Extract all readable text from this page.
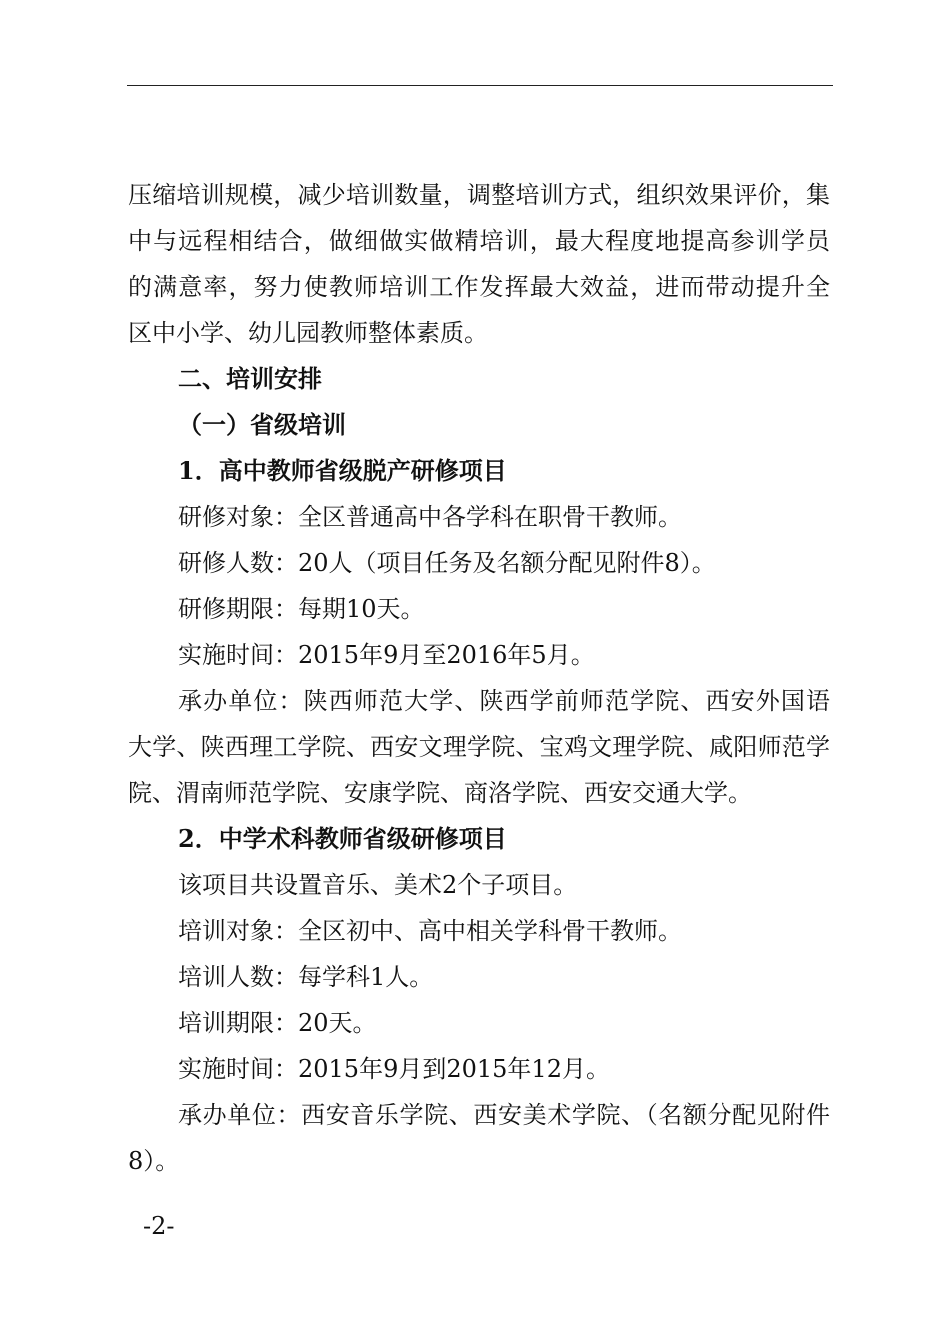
压缩培训规模，减少培训数量，调整培训方式，组织效果评价，集

中与远程相结合，做细做实做精培训，最大程度地提高参训学员

的满意率，努力使教师培训工作发挥最大效益，进而带动提升全

区中小学、幼儿园教师整体素质。

二、培训安排

（一）省级培训

1．高中教师省级脱产研修项目

研修对象：全区普通高中各学科在职骨干教师。

研修人数：20人（项目任务及名额分配见附件8）。

研修期限：每期10天。

实施时间：2015年9月至2016年5月。

承办单位：陕西师范大学、陕西学前师范学院、西安外国语

大学、陕西理工学院、西安文理学院、宝鸡文理学院、咸阳师范学

院、渭南师范学院、安康学院、商洛学院、西安交通大学。

2．中学术科教师省级研修项目

该项目共设置音乐、美术2个子项目。

培训对象：全区初中、高中相关学科骨干教师。

培训人数：每学科1人。

培训期限：20天。

实施时间：2015年9月到2015年12月。

承办单位：西安音乐学院、西安美术学院、（名额分配见附件

8）。

-2-
